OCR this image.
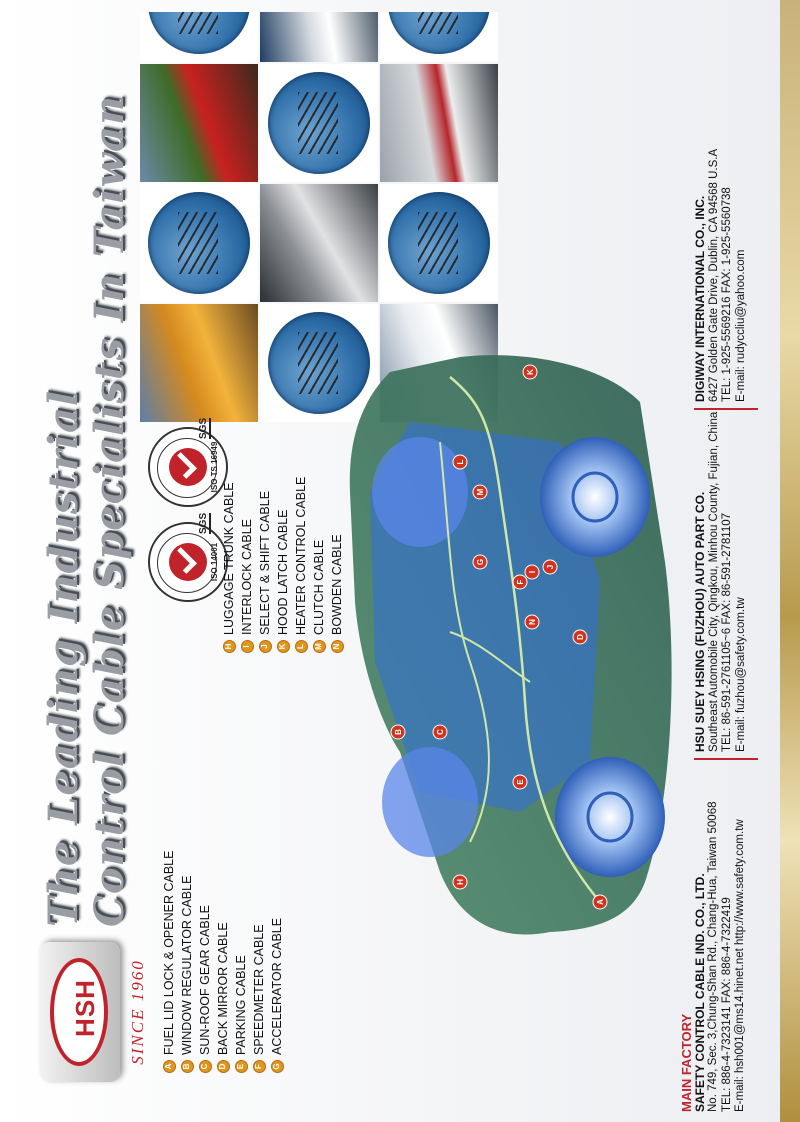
HSH SINCE 1960
The Leading Industrial Control Cable Specialists In Taiwan	ISO 14001
SGS
ISO TS 16949
SGS
A
B	C
D
E
F
G
H
I
J
K
L
M
N
A
FUEL LID LOCK & OPENER CABLE
B
WINDOW REGULATOR CABLE
C
SUN-ROOF GEAR CABLE
D
BACK MIRROR CABLE
E
PARKING CABLE
F
SPEEDMETER CABLE
G
ACCELERATOR CABLE
H
LUGGAGE TRUNK CABLE
I
INTERLOCK CABLE
J
SELECT & SHIFT CABLE
K
HOOD LATCH CABLE
L
HEATER CONTROL CABLE
M
CLUTCH CABLE
N
BOWDEN CABLE
MAIN FACTORY
SAFETY CONTROL CABLE IND. CO., LTD. No. 749, Sec. 3,Chung-Shan Rd., Chang-Hua, Taiwan 50068 TEL: 886-4-7323141 FAX: 886-4-7322419 E-mail: hsh001@ms14.hinet.net http://www.safety.com.tw
HSU SUEY HSING (FUZHOU) AUTO PART CO. Southeast Automobile City, Qingkou, Minhou County, Fujian, China TEL: 86-591-2761105~6 FAX: 86-591-2781107 E-mail: fuzhou@safety.com.tw
DIGIWAY INTERNATIONAL CO., INC. 6427 Golden Gate Drive, Dublin, CA 94568 U.S.A TEL: 1-925-5569216 FAX: 1-925-5560738 E-mail: rudyccliu@yahoo.com
